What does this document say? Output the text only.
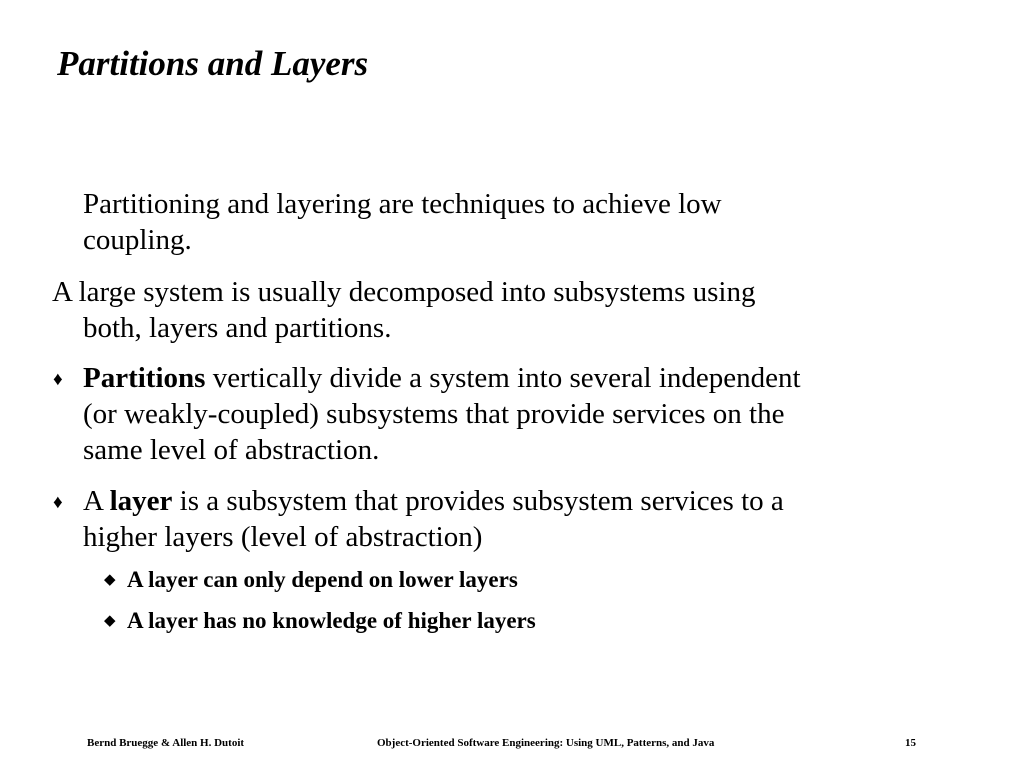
Partitions and Layers
Partitioning and layering are techniques to achieve low
coupling.
A large system is usually decomposed into subsystems using
both, layers and partitions.
♦ Partitions vertically divide a system into several independent
(or weakly-coupled) subsystems that provide services on the
same level of abstraction.
♦ A layer is a subsystem that provides subsystem services to a
higher layers (level of abstraction)
◆ A layer can only depend on lower layers
◆ A layer has no knowledge of higher layers
Bernd Bruegge & Allen H. Dutoit	Object-Oriented Software Engineering: Using UML, Patterns, and Java	15
